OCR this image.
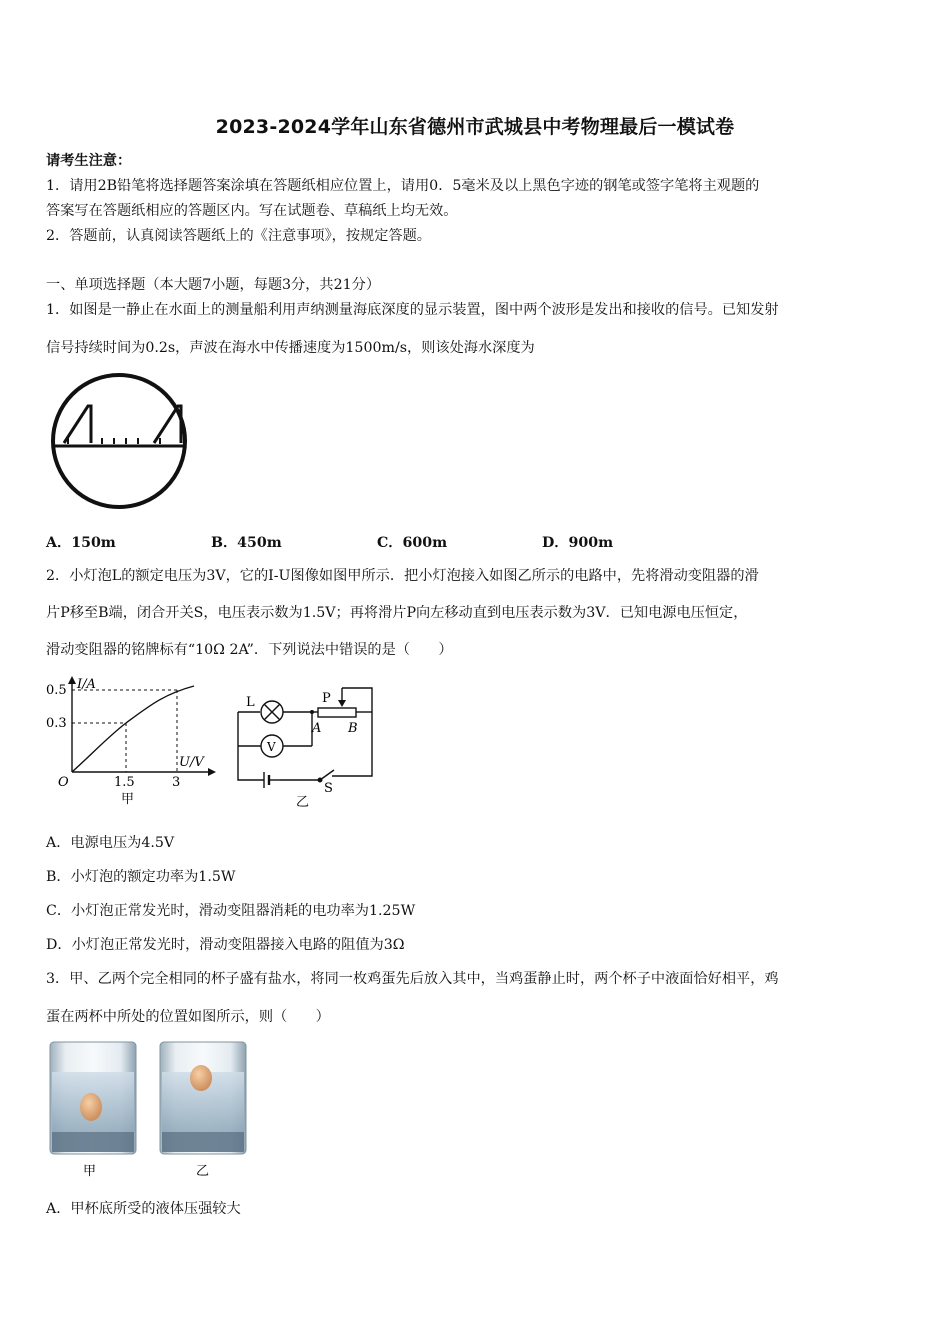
2023-2024学年山东省德州市武城县中考物理最后一模试卷
请考生注意：
1．请用2B铅笔将选择题答案涂填在答题纸相应位置上，请用0．5毫米及以上黑色字迹的钢笔或签字笔将主观题的
答案写在答题纸相应的答题区内。写在试题卷、草稿纸上均无效。
2．答题前，认真阅读答题纸上的《注意事项》，按规定答题。
一、单项选择题（本大题7小题，每题3分，共21分）
1．如图是一静止在水面上的测量船利用声纳测量海底深度的显示装置，图中两个波形是发出和接收的信号。已知发射
信号持续时间为0.2s，声波在海水中传播速度为1500m/s，则该处海水深度为
A．150m	B．450m	C．600m	D．900m
2．小灯泡L的额定电压为3V，它的I-U图像如图甲所示．把小灯泡接入如图乙所示的电路中，先将滑动变阻器的滑
片P移至B端，闭合开关S，电压表示数为1.5V；再将滑片P向左移动直到电压表示数为3V．已知电源电压恒定，
滑动变阻器的铭牌标有“10Ω 2A”．下列说法中错误的是（　　）
I/A
0.5
0.3
O	1.5	3
U/V
甲
L	P
A B
V
S
乙
A．电源电压为4.5V
B．小灯泡的额定功率为1.5W
C．小灯泡正常发光时，滑动变阻器消耗的电功率为1.25W
D．小灯泡正常发光时，滑动变阻器接入电路的阻值为3Ω
3．甲、乙两个完全相同的杯子盛有盐水，将同一枚鸡蛋先后放入其中，当鸡蛋静止时，两个杯子中液面恰好相平，鸡
蛋在两杯中所处的位置如图所示，则（　　）
甲	乙
A．甲杯底所受的液体压强较大
